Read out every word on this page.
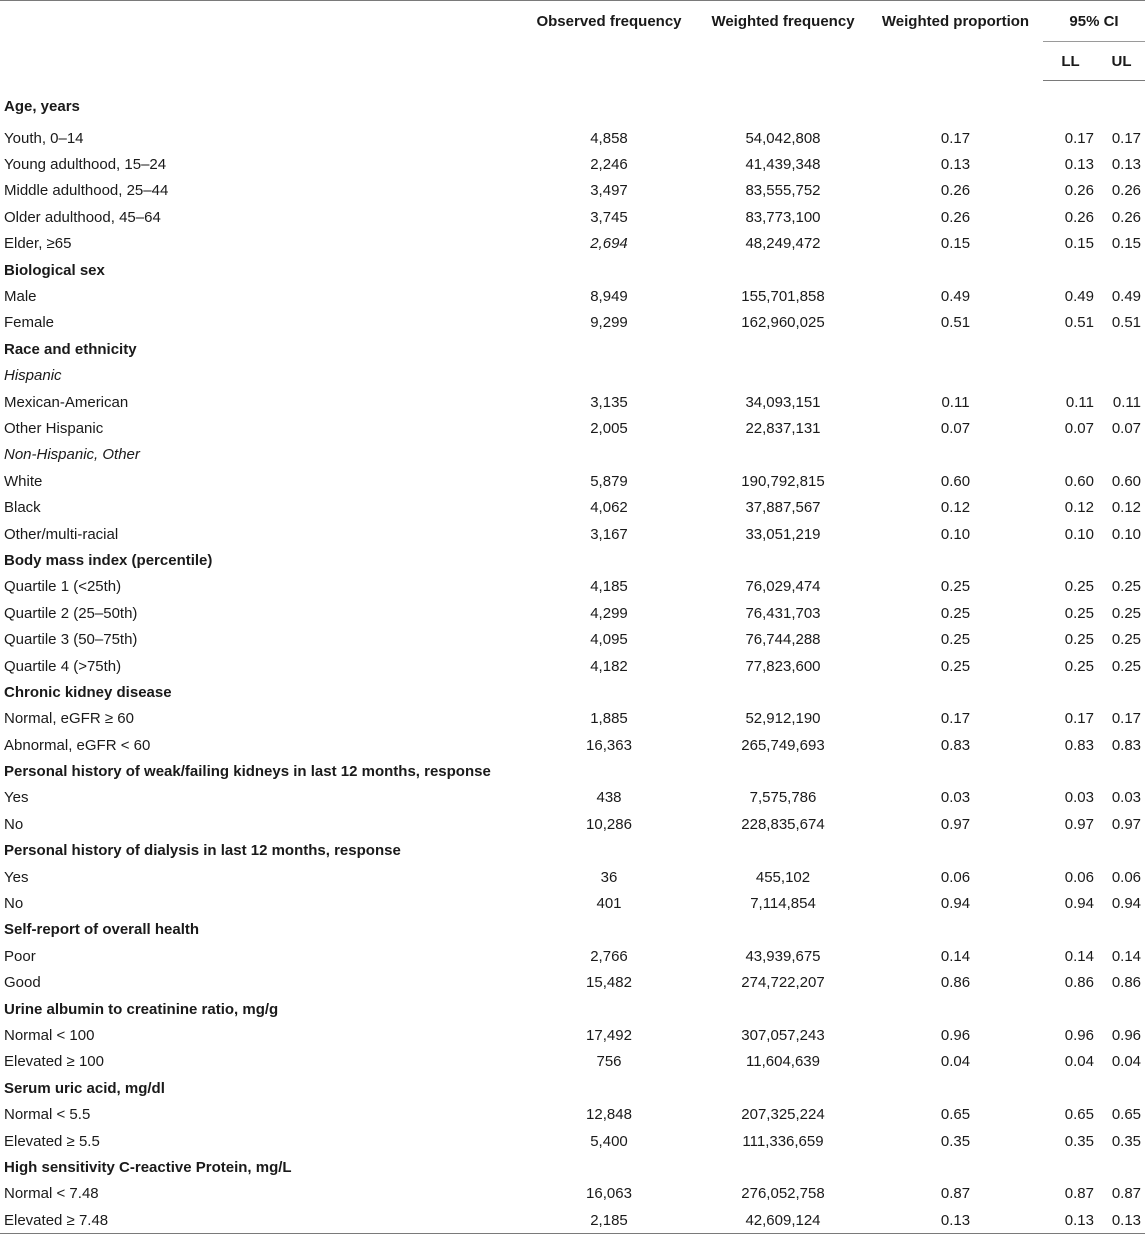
	Observed frequency	Weighted frequency	Weighted proportion	95% CI	
				LL	UL
Age, years					
Youth, 0–14	4,858	54,042,808	0.17	0.17	0.17
Young adulthood, 15–24	2,246	41,439,348	0.13	0.13	0.13
Middle adulthood, 25–44	3,497	83,555,752	0.26	0.26	0.26
Older adulthood, 45–64	3,745	83,773,100	0.26	0.26	0.26
Elder, ≥65	2,694	48,249,472	0.15	0.15	0.15
Biological sex					
Male	8,949	155,701,858	0.49	0.49	0.49
Female	9,299	162,960,025	0.51	0.51	0.51
Race and ethnicity					
Hispanic					
Mexican-American	3,135	34,093,151	0.11	0.11	0.11
Other Hispanic	2,005	22,837,131	0.07	0.07	0.07
Non-Hispanic, Other					
White	5,879	190,792,815	0.60	0.60	0.60
Black	4,062	37,887,567	0.12	0.12	0.12
Other/multi-racial	3,167	33,051,219	0.10	0.10	0.10
Body mass index (percentile)					
Quartile 1 (<25th)	4,185	76,029,474	0.25	0.25	0.25
Quartile 2 (25–50th)	4,299	76,431,703	0.25	0.25	0.25
Quartile 3 (50–75th)	4,095	76,744,288	0.25	0.25	0.25
Quartile 4 (>75th)	4,182	77,823,600	0.25	0.25	0.25
Chronic kidney disease					
Normal, eGFR ≥ 60	1,885	52,912,190	0.17	0.17	0.17
Abnormal, eGFR < 60	16,363	265,749,693	0.83	0.83	0.83
Personal history of weak/failing kidneys in last 12 months, response					
Yes	438	7,575,786	0.03	0.03	0.03
No	10,286	228,835,674	0.97	0.97	0.97
Personal history of dialysis in last 12 months, response					
Yes	36	455,102	0.06	0.06	0.06
No	401	7,114,854	0.94	0.94	0.94
Self-report of overall health					
Poor	2,766	43,939,675	0.14	0.14	0.14
Good	15,482	274,722,207	0.86	0.86	0.86
Urine albumin to creatinine ratio, mg/g					
Normal < 100	17,492	307,057,243	0.96	0.96	0.96
Elevated ≥ 100	756	11,604,639	0.04	0.04	0.04
Serum uric acid, mg/dl					
Normal < 5.5	12,848	207,325,224	0.65	0.65	0.65
Elevated ≥ 5.5	5,400	111,336,659	0.35	0.35	0.35
High sensitivity C-reactive Protein, mg/L					
Normal < 7.48	16,063	276,052,758	0.87	0.87	0.87
Elevated ≥ 7.48	2,185	42,609,124	0.13	0.13	0.13
